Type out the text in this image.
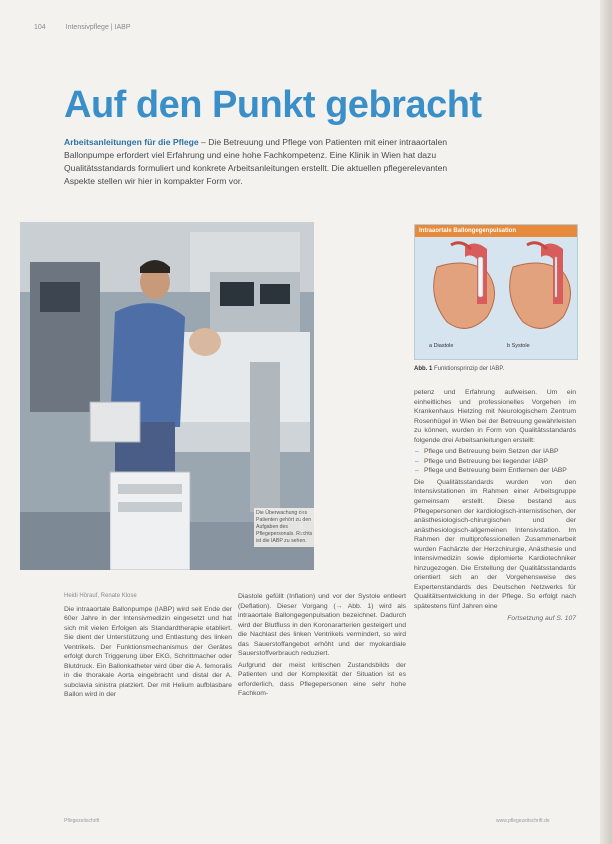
104	Intensivpflege | IABP
Auf den Punkt gebracht
Arbeitsanleitungen für die Pflege – Die Betreuung und Pflege von Patienten mit einer intraaortalen Ballonpumpe erfordert viel Erfahrung und eine hohe Fachkompetenz. Eine Klinik in Wien hat dazu Qualitätsstandards formuliert und konkrete Arbeitsanleitungen erstellt. Die aktuellen pflegerelevanten Aspekte stellen wir hier in kompakter Form vor.
Die Überwachung des Patienten gehört zu den Aufgaben des Pflegepersonals. Rechts ist die IABP zu sehen.
Quelle: Autor

Intraaortale Ballongegenpulsation

a Diastole	b Systole
Abb. 1 Funktionsprinzip der IABP.

Heidi Hörauf, Renate Klose

Die intraaortale Ballonpumpe (IABP) wird seit Ende der 60er Jahre in der Intensivmedizin eingesetzt und hat sich mit vielen Erfolgen als Standardtherapie etabliert. Sie dient der Unterstützung und Entlastung des linken Ventrikels. Der Funktionsmechanismus der Gerätes erfolgt durch Triggerung über EKG, Schrittmacher oder Blutdruck. Ein Ballonkatheter wird über die A. femoralis in die thorakale Aorta eingebracht und distal der A. subclavia sinistra platziert. Der mit Helium aufblasbare Ballon wird in der

Diastole gefüllt (Inflation) und vor der Systole entleert (Deflation). Dieser Vorgang (→ Abb. 1) wird als intraaortale Ballongegenpulsation bezeichnet. Dadurch wird der Blutfluss in den Koronararterien gesteigert und die Nachlast des linken Ventrikels vermindert, so wird das Sauerstoffangebot erhöht und der myokardiale Sauerstoffverbrauch reduziert.

Aufgrund der meist kritischen Zustandsbilds der Patienten und der Komplexität der Situation ist es erforderlich, dass Pflegepersonen eine sehr hohe Fachkom-

petenz und Erfahrung aufweisen. Um ein einheitliches und professionelles Vorgehen im Krankenhaus Hietzing mit Neurologischem Zentrum Rosenhügel in Wien bei der Betreuung gewährleisten zu können, wurden in Form von Qualitätsstandards folgende drei Arbeitsanleitungen erstellt:

– Pflege und Betreuung beim Setzen der IABP
– Pflege und Betreuung bei liegender IABP
– Pflege und Betreuung beim Entfernen der IABP

Die Qualitätsstandards wurden von den Intensivstationen im Rahmen einer Arbeitsgruppe gemeinsam erstellt. Diese bestand aus Pflegepersonen der kardiologisch-internistischen, der anästhesiologisch-chirurgischen und der anästhesiologisch-allgemeinen Intensivstation. Im Rahmen der multiprofessionellen Zusammenarbeit wurden Fachärzte der Herzchirurgie, Anästhesie und Intensivmedizin sowie diplomierte Kardiotechniker hinzugezogen. Die Erstellung der Qualitätsstandards orientiert sich an der Vorgehensweise des Expertenstandards des Deutschen Netzwerks für Qualitätsentwicklung in der Pflege. So erfolgt nach spätestens fünf Jahren eine

Fortsetzung auf S. 107

Pflegezeitschrift	www.pflegezeitschrift.de
